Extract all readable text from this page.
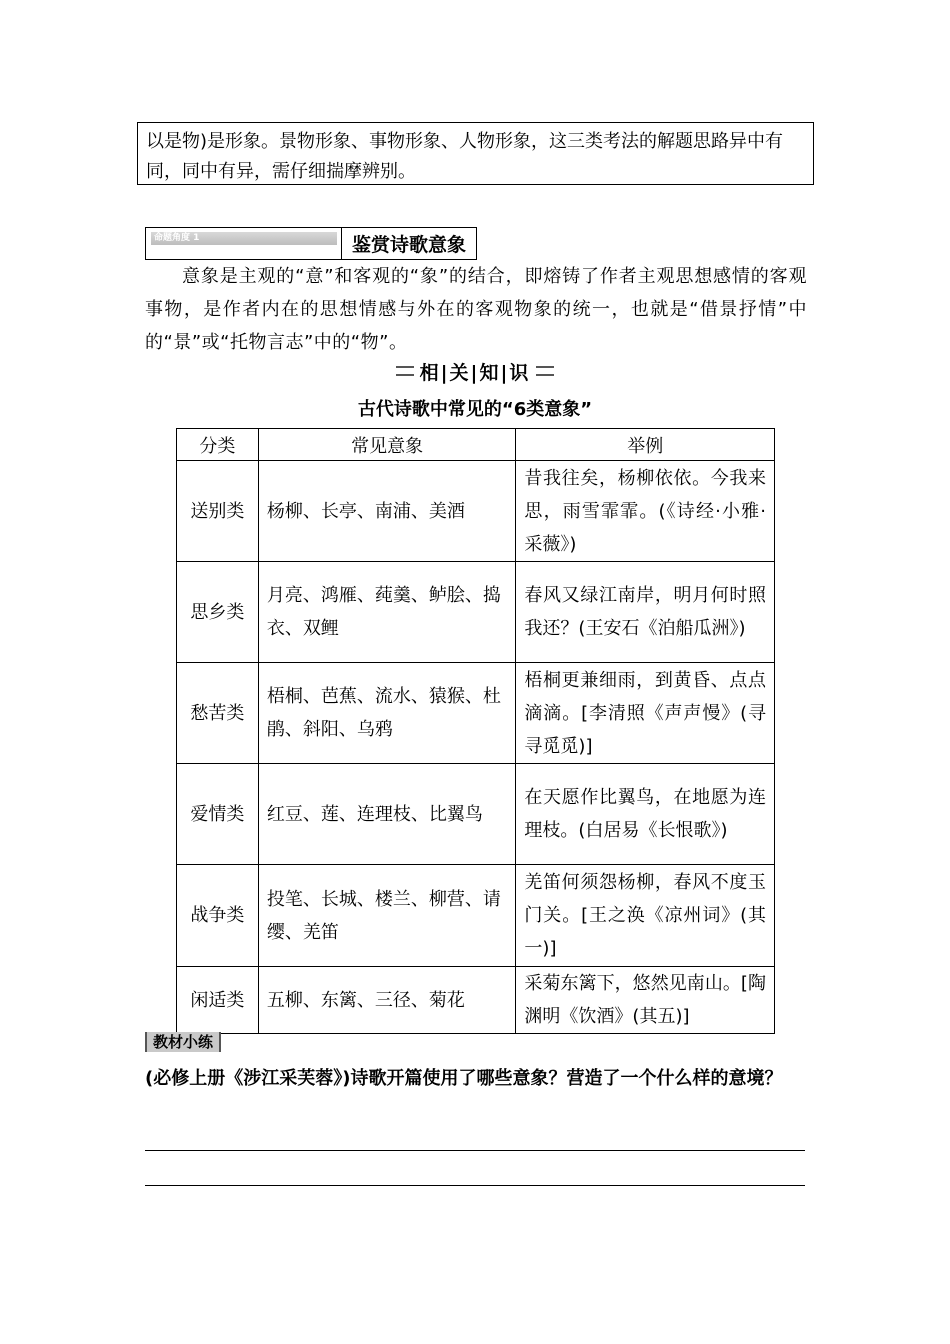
以是物)是形象。景物形象、事物形象、人物形象，这三类考法的解题思路异中有同，同中有异，需仔细揣摩辨别。
命题角度 1	鉴赏诗歌意象

意象是主观的“意”和客观的“象”的结合，即熔铸了作者主观思想感情的客观事物，是作者内在的思想情感与外在的客观物象的统一，也就是“借景抒情”中的“景”或“托物言志”中的“物”。

相|关|知|识
古代诗歌中常见的“6类意象”
分类	常见意象	举例
送别类	杨柳、长亭、南浦、美酒	昔我往矣，杨柳依依。今我来思，雨雪霏霏。(《诗经·小雅·采薇》)
思乡类	月亮、鸿雁、莼羹、鲈脍、捣衣、双鲤	春风又绿江南岸，明月何时照我还？(王安石《泊船瓜洲》)
愁苦类	梧桐、芭蕉、流水、猿猴、杜鹃、斜阳、乌鸦	梧桐更兼细雨，到黄昏、点点滴滴。[李清照《声声慢》(寻寻觅觅)]
爱情类	红豆、莲、连理枝、比翼鸟	在天愿作比翼鸟，在地愿为连理枝。(白居易《长恨歌》)
战争类	投笔、长城、楼兰、柳营、请缨、羌笛	羌笛何须怨杨柳，春风不度玉门关。[王之涣《凉州词》(其一)]
闲适类	五柳、东篱、三径、菊花	采菊东篱下，悠然见南山。[陶渊明《饮酒》(其五)]
教材小练

(必修上册《涉江采芙蓉》)诗歌开篇使用了哪些意象？营造了一个什么样的意境？
